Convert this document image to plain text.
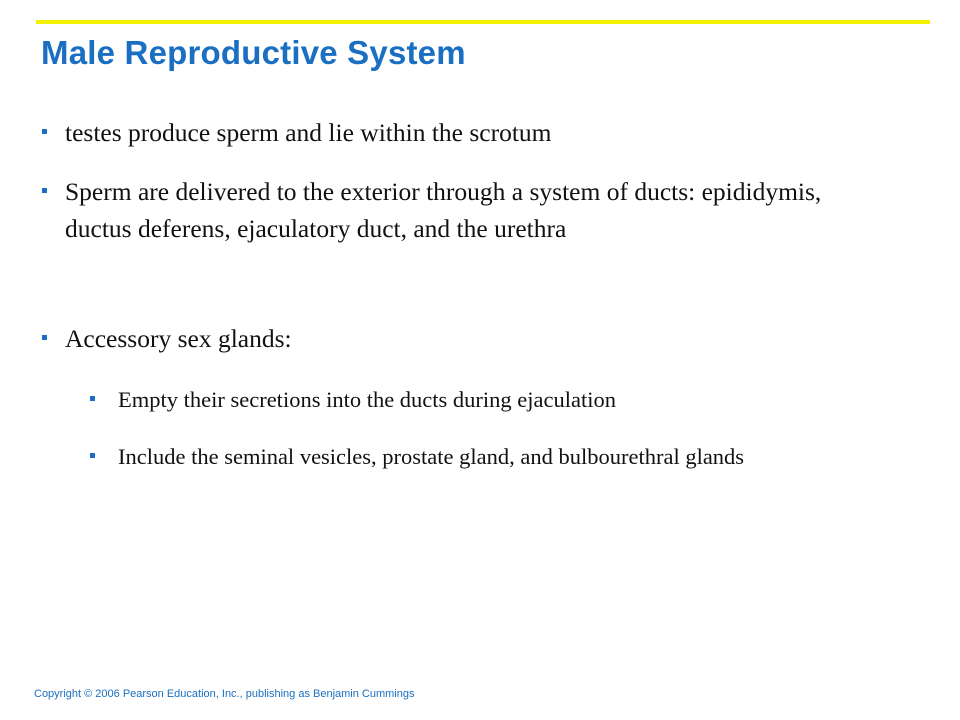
Male Reproductive System
testes produce sperm and lie within the scrotum
Sperm are delivered to the exterior through a system of ducts: epididymis, ductus deferens, ejaculatory duct, and the urethra
Accessory sex glands:
Empty their secretions into the ducts during ejaculation
Include the seminal vesicles, prostate gland, and bulbourethral glands
Copyright © 2006 Pearson Education, Inc., publishing as Benjamin Cummings
